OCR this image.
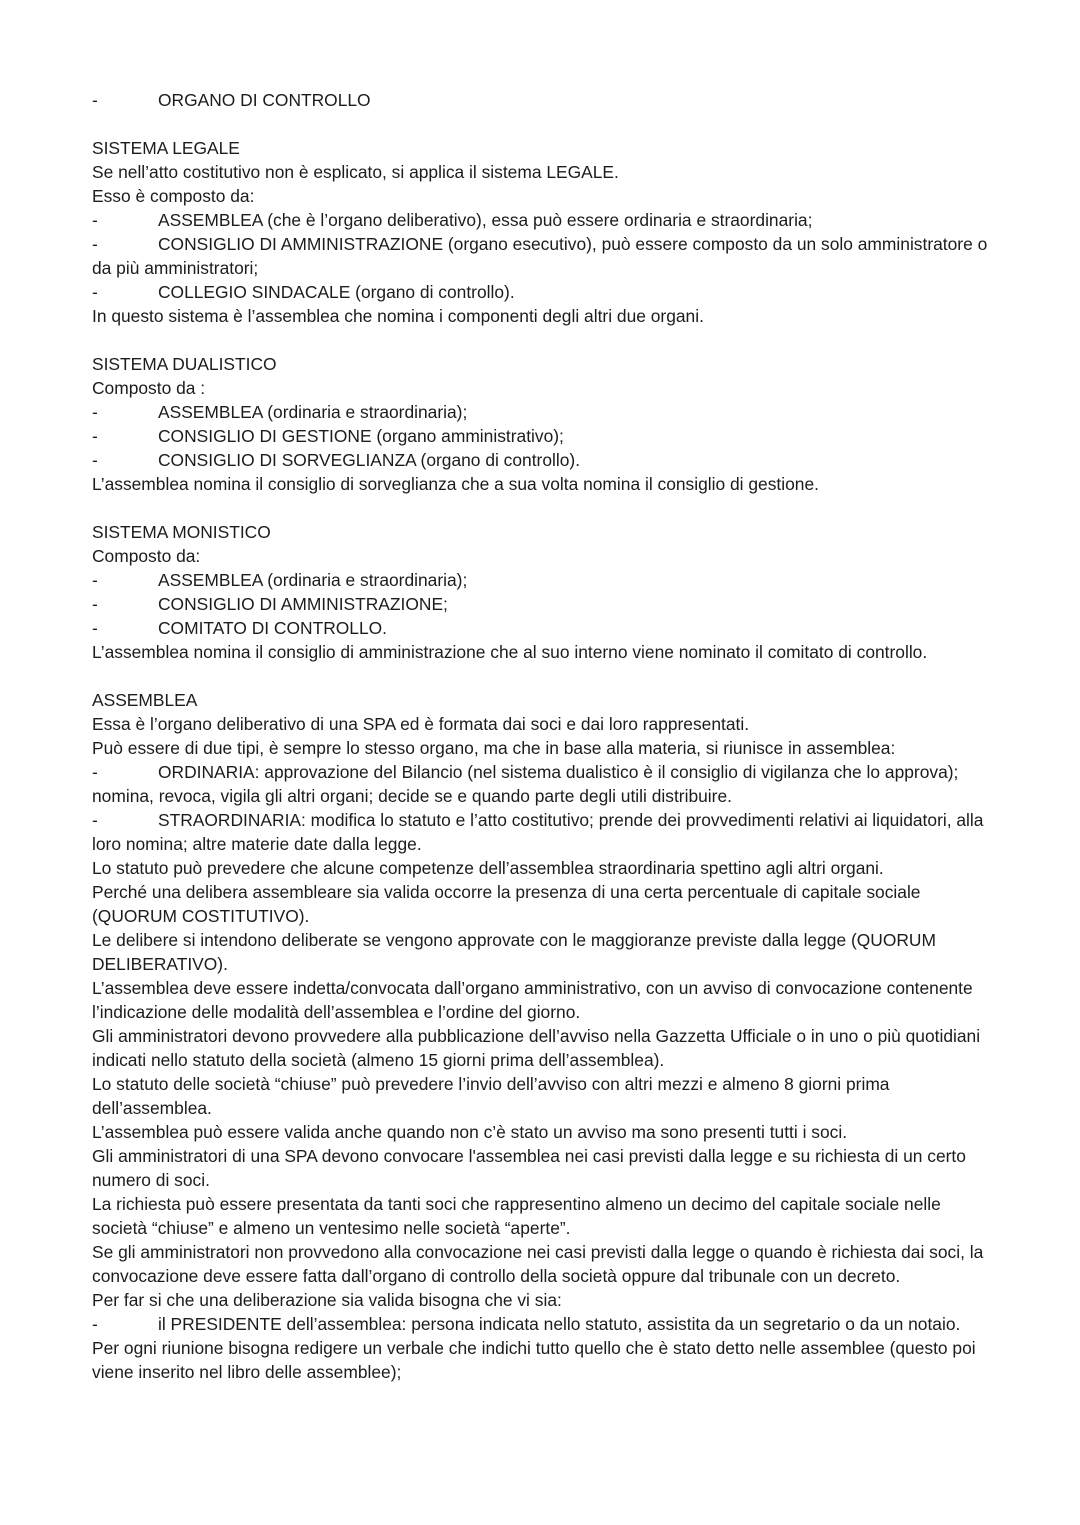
-	ORGANO DI CONTROLLO
SISTEMA LEGALE
Se nell’atto costitutivo non è esplicato, si applica il sistema LEGALE.
Esso è composto da:
-	ASSEMBLEA (che è l’organo deliberativo), essa può essere ordinaria e straordinaria;
-	CONSIGLIO DI AMMINISTRAZIONE (organo esecutivo), può essere composto da un solo amministratore o da più amministratori;
-	COLLEGIO SINDACALE (organo di controllo).
In questo sistema è l’assemblea che nomina i componenti degli altri due organi.
SISTEMA DUALISTICO
Composto da :
-	ASSEMBLEA (ordinaria e straordinaria);
-	CONSIGLIO DI GESTIONE (organo amministrativo);
-	CONSIGLIO DI SORVEGLIANZA (organo di controllo).
L’assemblea nomina il consiglio di sorveglianza che a sua volta nomina il consiglio di gestione.
SISTEMA MONISTICO
Composto da:
-	ASSEMBLEA (ordinaria e straordinaria);
-	CONSIGLIO DI AMMINISTRAZIONE;
-	COMITATO DI CONTROLLO.
L’assemblea nomina il consiglio di amministrazione che al suo interno viene nominato il comitato di controllo.
ASSEMBLEA
Essa è l’organo deliberativo di una SPA ed è formata dai soci e dai loro rappresentati.
Può essere di due tipi, è sempre lo stesso organo, ma che in base alla materia, si riunisce in assemblea:
-	ORDINARIA: approvazione del Bilancio (nel sistema dualistico è il consiglio di vigilanza che lo approva); nomina, revoca, vigila gli altri organi; decide se e quando parte degli utili distribuire.
-	STRAORDINARIA: modifica lo statuto e l’atto costitutivo; prende dei provvedimenti relativi ai liquidatori, alla loro nomina; altre materie date dalla legge.
Lo statuto può prevedere che alcune competenze dell’assemblea straordinaria spettino agli altri organi.
Perché una delibera assembleare sia valida occorre la presenza di una certa percentuale di capitale sociale (QUORUM COSTITUTIVO).
Le delibere si intendono deliberate se vengono approvate con le maggioranze previste dalla legge (QUORUM DELIBERATIVO).
L’assemblea deve essere indetta/convocata dall’organo amministrativo, con un avviso di convocazione contenente l’indicazione delle modalità dell’assemblea e l’ordine del giorno.
Gli amministratori devono provvedere alla pubblicazione dell’avviso nella Gazzetta Ufficiale o in uno o più quotidiani indicati nello statuto della società (almeno 15 giorni prima dell’assemblea).
Lo statuto delle società “chiuse” può prevedere l’invio dell’avviso con altri mezzi e almeno 8 giorni prima dell’assemblea.
L’assemblea può essere valida anche quando non c’è stato un avviso ma sono presenti tutti i soci.
Gli amministratori di una SPA devono convocare l'assemblea nei casi previsti dalla legge e su richiesta di un certo numero di soci.
La richiesta può essere presentata da tanti soci che rappresentino almeno un decimo del capitale sociale nelle società “chiuse” e almeno un ventesimo nelle società “aperte”.
Se gli amministratori non provvedono alla convocazione nei casi previsti dalla legge o quando è richiesta dai soci, la convocazione deve essere fatta dall’organo di controllo della società oppure dal tribunale con un decreto.
Per far si che una deliberazione sia valida bisogna che vi sia:
-	il PRESIDENTE dell’assemblea: persona indicata nello statuto, assistita da un segretario o da un notaio.
Per ogni riunione bisogna redigere un verbale che indichi tutto quello che è stato detto nelle assemblee (questo poi viene inserito nel libro delle assemblee);
